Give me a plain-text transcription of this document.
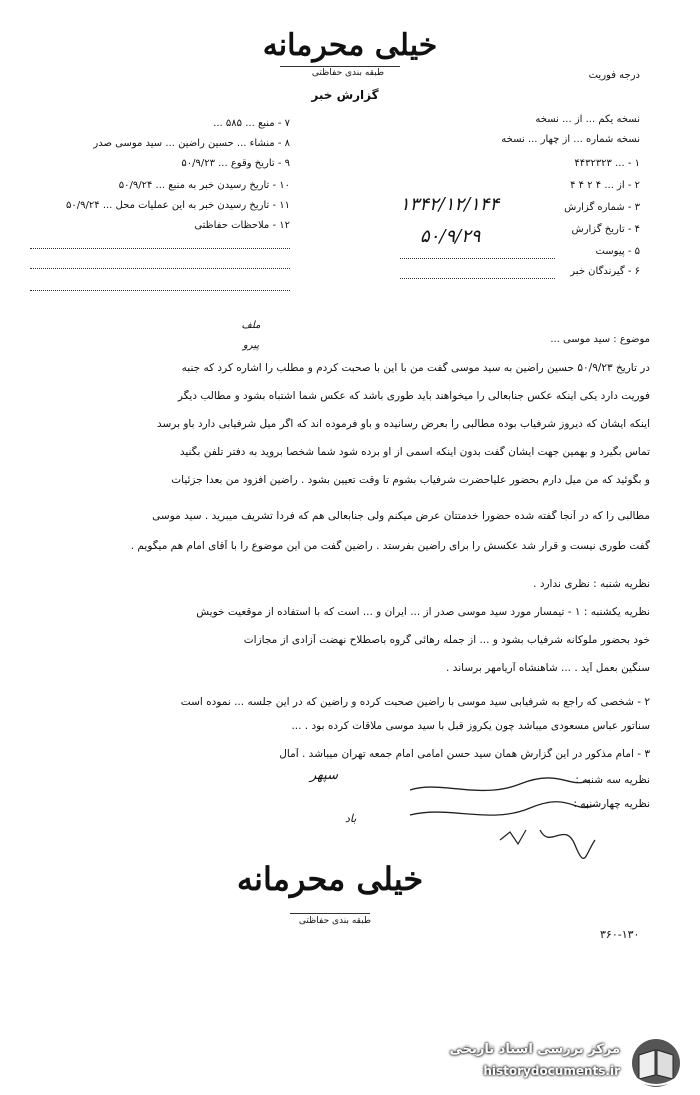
خیلی محرمانه
طبقه بندی حفاظتی
گزارش خبر
درجه فوریت
نسخه یکم ... از ... نسخه
نسخه شماره ... از چهار ... نسخه
۱ - ... ۴۴۳۲۳۲۳
۲ - از ... ۴ ۲ ۴ ۴
۳ - شماره گزارش
۱۳۴۲/۱۲/۱۴۴
۴ - تاریخ گزارش
۵۰/۹/۲۹
۵ - پیوست
۶ - گیرندگان خبر
۷ - منبع ... ۵۸۵ ...
۸ - منشاء ... حسین راضین ... سید موسی صدر
۹ - تاریخ وقوع ... ۵۰/۹/۲۳
۱۰ - تاریخ رسیدن خبر به منبع ... ۵۰/۹/۲۴
۱۱ - تاریخ رسیدن خبر به این عملیات محل ... ۵۰/۹/۲۴
۱۲ - ملاحظات حفاظتی
ملف
پیرو
موضوع : سید موسی ...
در تاریخ ۵۰/۹/۲۳ حسین راضین به سید موسی گفت من با این با صحبت کردم و مطلب را اشاره کرد که جنبه
فوریت دارد یکی اینکه عکس جنابعالی را میخواهند باید طوری باشد که عکس شما اشتباه بشود و مطالب دیگر
اینکه ایشان که دیروز شرفیاب بوده مطالبی را بعرض رسانیده و باو فرموده اند که اگر میل شرفیابی دارد باو برسد
تماس بگیرد و بهمین جهت ایشان گفت بدون اینکه اسمی از او برده شود شما شخصا بروید به دفتر تلفن بگنید
و بگوئید که من میل دارم بحضور علیاحضرت شرفیاب بشوم تا وقت تعیین بشود . راضین افزود من بعدا جزئیات
مطالبی را که در آنجا گفته شده حضورا خدمتتان عرض میکنم ولی جنابعالی هم که فردا تشریف میبرید . سید موسی
گفت طوری نیست و قرار شد عکسش را برای راضین بفرستد . راضین گفت من این موضوع را با آقای امام هم میگویم .
نظریه شنبه : نظری ندارد .
نظریه یکشنبه : ۱ - تیمسار مورد سید موسی صدر از ... ایران و ... است که با استفاده از موقعیت خویش
خود بحضور ملوکانه شرفیاب بشود و ... از جمله رهائی گروه باصطلاح نهضت آزادی از مجازات
سنگین بعمل آید . ... شاهنشاه آریامهر برساند .
۲ - شخصی که راجع به شرفیابی سید موسی با راضین صحبت کرده و راضین که در این جلسه ... نموده است
سناتور عباس مسعودی میباشد چون یکروز قبل با سید موسی ملاقات کرده بود . ...
۳ - امام مذکور در این گزارش همان سید حسن امامی امام جمعه تهران میباشد . آمال
نظریه سه شنبه :
نظریه چهارشنبه :
سپهر
باد
خیلی محرمانه
طبقه بندی حفاظتی
۳۶۰-۱۳۰
مرکز بررسی اسناد تاریخی
historydocuments.ir
